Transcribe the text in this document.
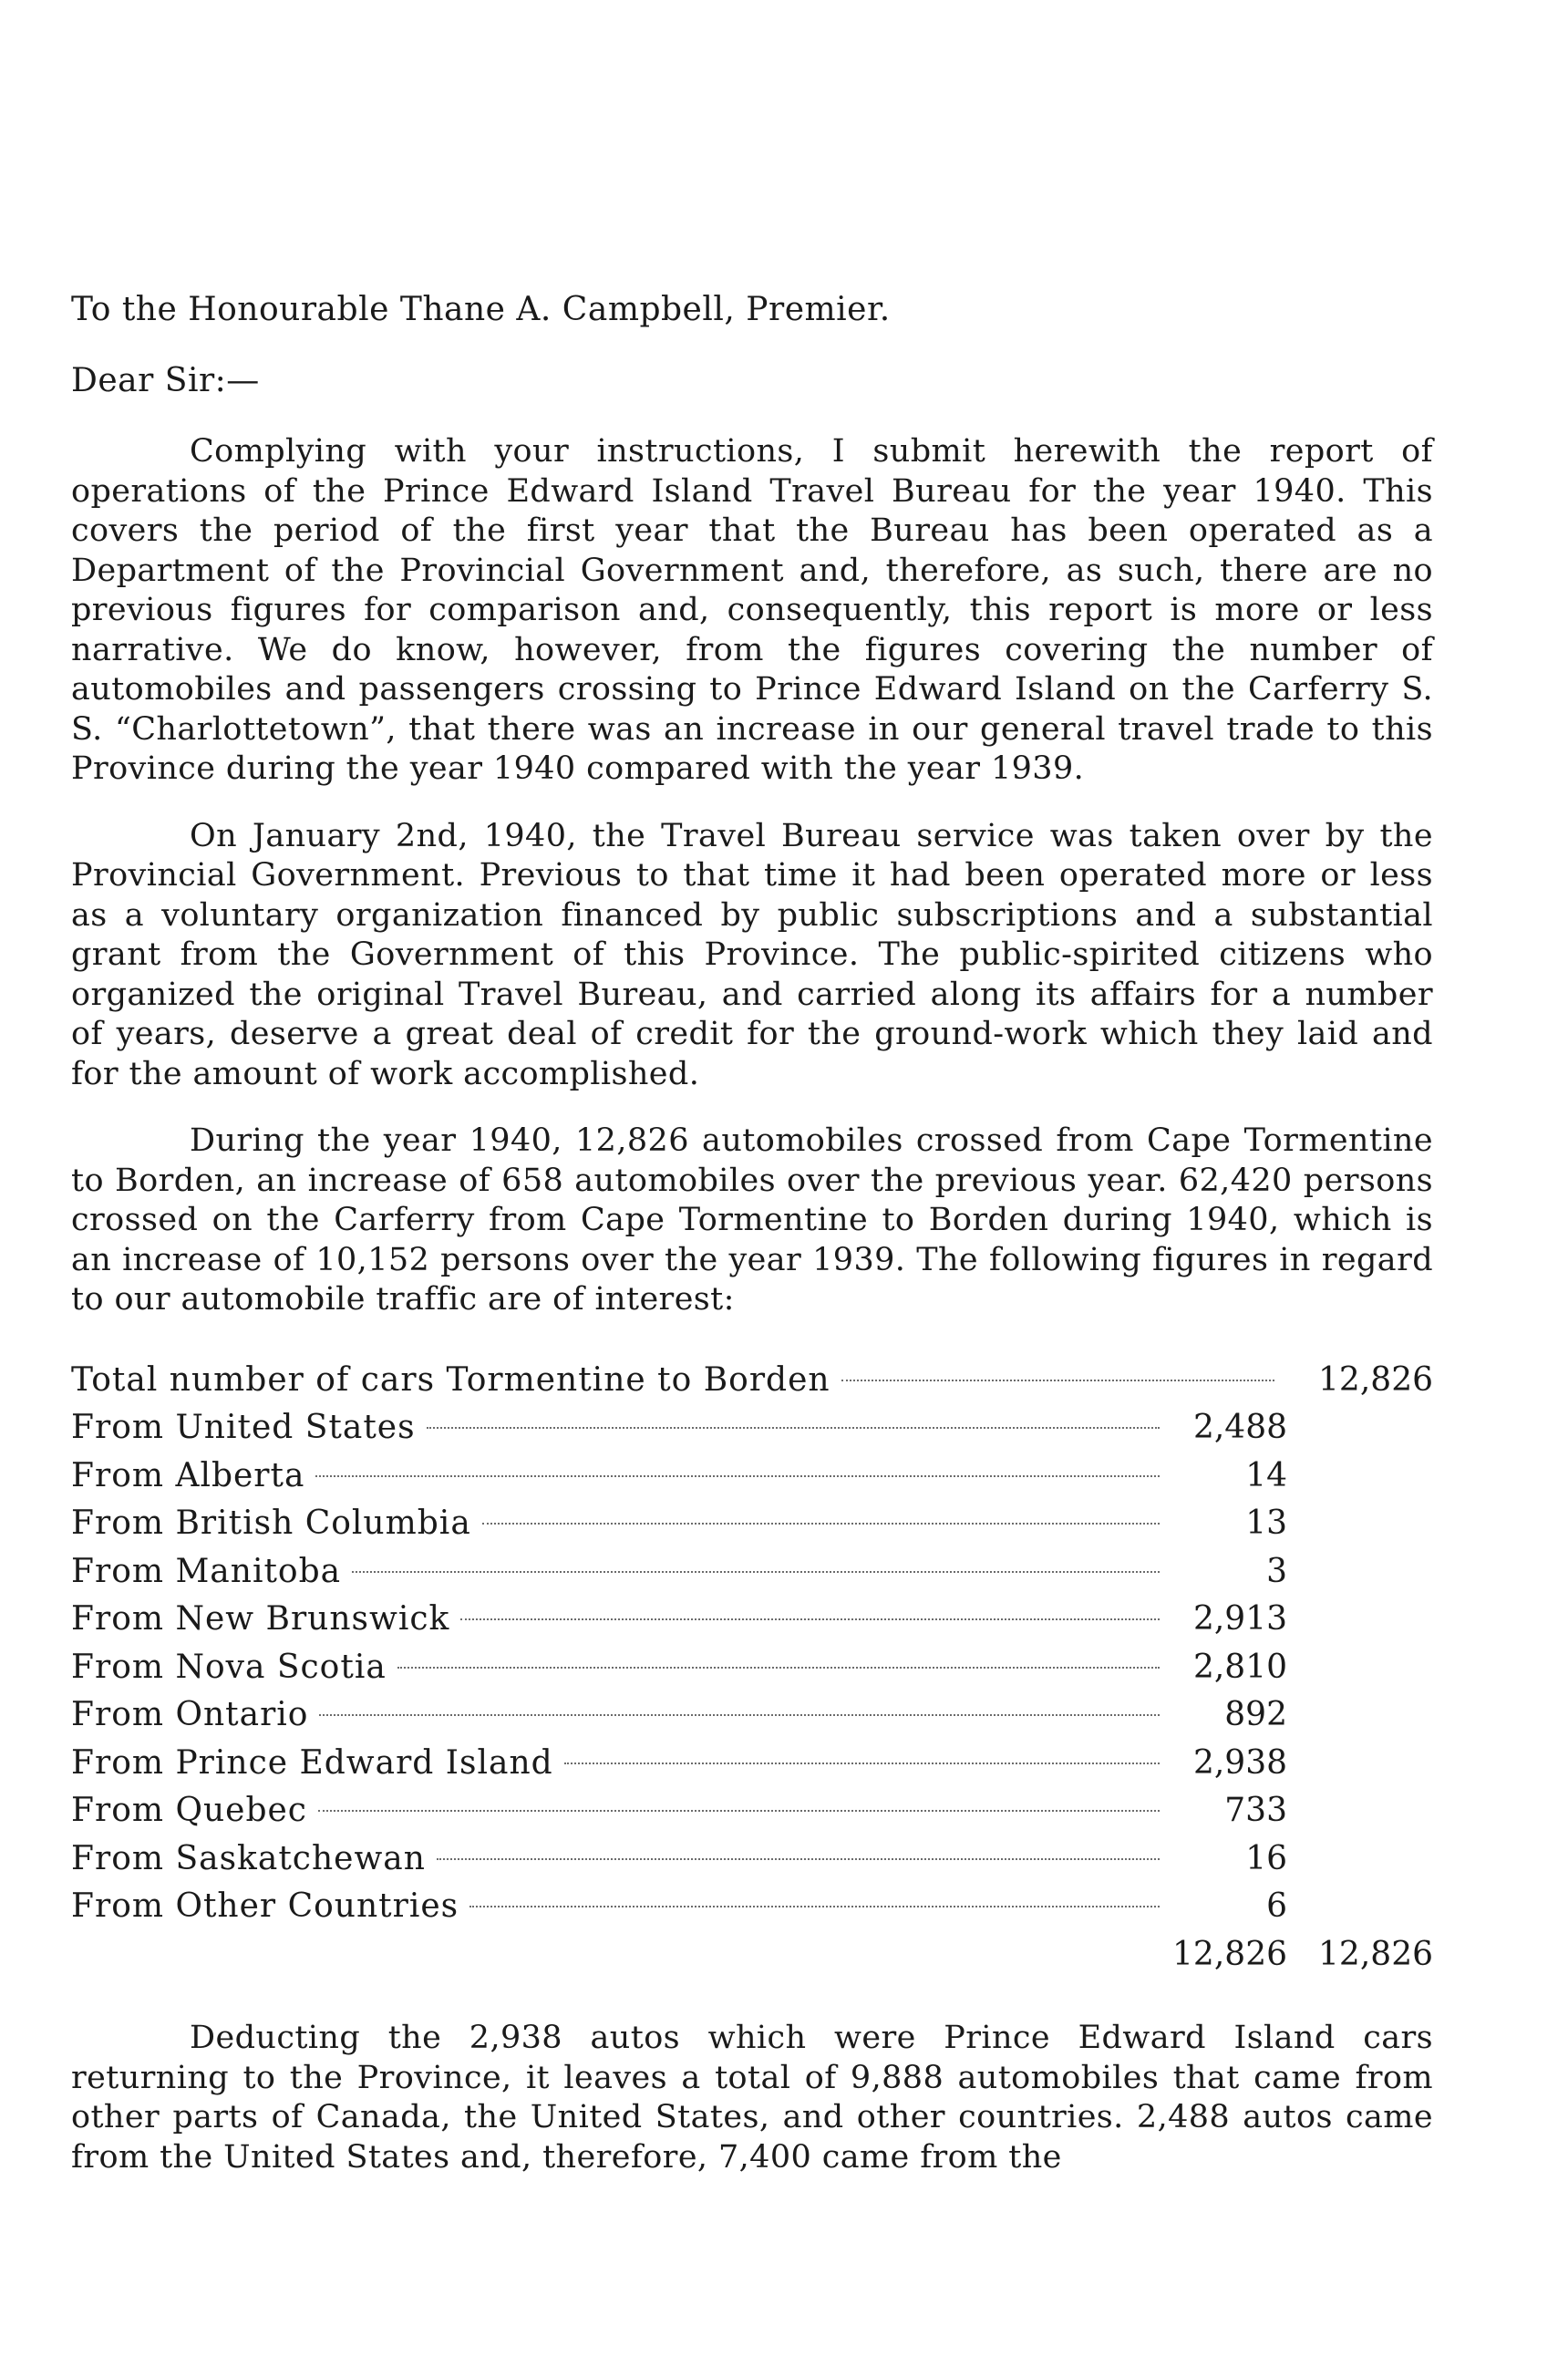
To the Honourable Thane A. Campbell, Premier.

Dear Sir:—

Complying with your instructions, I submit herewith the report of operations of the Prince Edward Island Travel Bureau for the year 1940. This covers the period of the first year that the Bureau has been operated as a Department of the Provincial Government and, therefore, as such, there are no previous figures for comparison and, consequently, this report is more or less narrative. We do know, however, from the figures covering the number of automobiles and passengers crossing to Prince Edward Island on the Carferry S. S. “Charlottetown”, that there was an increase in our general travel trade to this Province during the year 1940 compared with the year 1939.

On January 2nd, 1940, the Travel Bureau service was taken over by the Provincial Government. Previous to that time it had been operated more or less as a voluntary organization financed by public subscriptions and a substantial grant from the Government of this Province. The public-spirited citizens who organized the original Travel Bureau, and carried along its affairs for a number of years, deserve a great deal of credit for the ground-work which they laid and for the amount of work accomplished.

During the year 1940, 12,826 automobiles crossed from Cape Tormentine to Borden, an increase of 658 automobiles over the previous year. 62,420 persons crossed on the Carferry from Cape Tormentine to Borden during 1940, which is an increase of 10,152 persons over the year 1939. The following figures in regard to our automobile traffic are of interest:

Total number of cars Tormentine to Borden	12,826
From United States	2,488
From Alberta	14
From British Columbia	13
From Manitoba	3
From New Brunswick	2,913
From Nova Scotia	2,810
From Ontario	892
From Prince Edward Island	2,938
From Quebec	733
From Saskatchewan	16
From Other Countries	6
12,826 12,826

Deducting the 2,938 autos which were Prince Edward Island cars returning to the Province, it leaves a total of 9,888 automobiles that came from other parts of Canada, the United States, and other countries. 2,488 autos came from the United States and, therefore, 7,400 came from the
